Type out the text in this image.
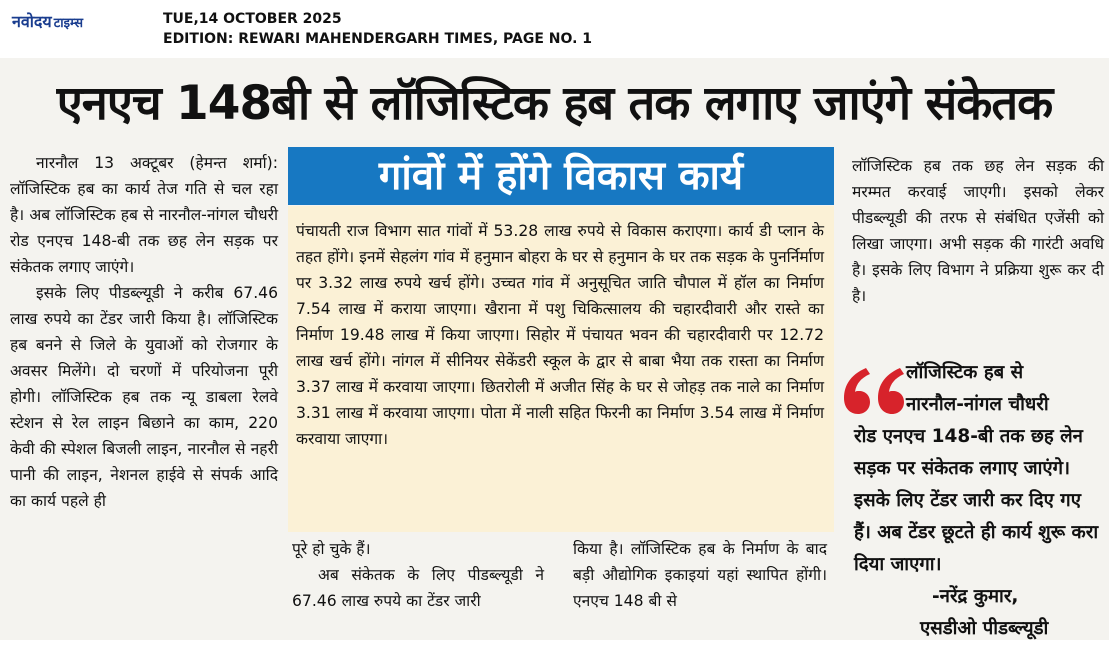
नवोदय टाइम्स	TUE,14 OCTOBER 2025
EDITION: REWARI MAHENDERGARH TIMES, PAGE NO. 1
एनएच 148बी से लॉजिस्टिक हब तक लगाए जाएंगे संकेतक

नारनौल 13 अक्टूबर (हेमन्त शर्मा): लॉजिस्टिक हब का कार्य तेज गति से चल रहा है। अब लॉजिस्टिक हब से नारनौल-नांगल चौधरी रोड एनएच 148-बी तक छह लेन सड़क पर संकेतक लगाए जाएंगे।

इसके लिए पीडब्ल्यूडी ने करीब 67.46 लाख रुपये का टेंडर जारी किया है। लॉजिस्टिक हब बनने से जिले के युवाओं को रोजगार के अवसर मिलेंगे। दो चरणों में परियोजना पूरी होगी। लॉजिस्टिक हब तक न्यू डाबला रेलवे स्टेशन से रेल लाइन बिछाने का काम, 220 केवी की स्पेशल बिजली लाइन, नारनौल से नहरी पानी की लाइन, नेशनल हाईवे से संपर्क आदि का कार्य पहले ही

गांवों में होंगे विकास कार्य
पंचायती राज विभाग सात गांवों में 53.28 लाख रुपये से विकास कराएगा। कार्य डी प्लान के तहत होंगे। इनमें सेहलंग गांव में हनुमान बोहरा के घर से हनुमान के घर तक सड़क के पुनर्निर्माण पर 3.32 लाख रुपये खर्च होंगे। उच्चत गांव में अनुसूचित जाति चौपाल में हॉल का निर्माण 7.54 लाख में कराया जाएगा। खैराना में पशु चिकित्सालय की चहारदीवारी और रास्ते का निर्माण 19.48 लाख में किया जाएगा। सिहोर में पंचायत भवन की चहारदीवारी पर 12.72 लाख खर्च होंगे। नांगल में सीनियर सेकेंडरी स्कूल के द्वार से बाबा भैया तक रास्ता का निर्माण 3.37 लाख में करवाया जाएगा। छितरोली में अजीत सिंह के घर से जोहड़ तक नाले का निर्माण 3.31 लाख में करवाया जाएगा। पोता में नाली सहित फिरनी का निर्माण 3.54 लाख में निर्माण करवाया जाएगा।

पूरे हो चुके हैं।

अब संकेतक के लिए पीडब्ल्यूडी ने 67.46 लाख रुपये का टेंडर जारी

किया है। लॉजिस्टिक हब के निर्माण के बाद बड़ी औद्योगिक इकाइयां यहां स्थापित होंगी। एनएच 148 बी से

लॉजिस्टिक हब तक छह लेन सड़क की मरम्मत करवाई जाएगी। इसको लेकर पीडब्ल्यूडी की तरफ से संबंधित एजेंसी को लिखा जाएगा। अभी सड़क की गारंटी अवधि है। इसके लिए विभाग ने प्रक्रिया शुरू कर दी है।

लॉजिस्टिक हब से
नारनौल-नांगल चौधरी
रोड एनएच 148-बी तक छह लेन सड़क पर संकेतक लगाए जाएंगे। इसके लिए टेंडर जारी कर दिए गए हैं। अब टेंडर छूटते ही कार्य शुरू करा दिया जाएगा।
-नरेंद्र कुमार,
एसडीओ पीडब्ल्यूडी
